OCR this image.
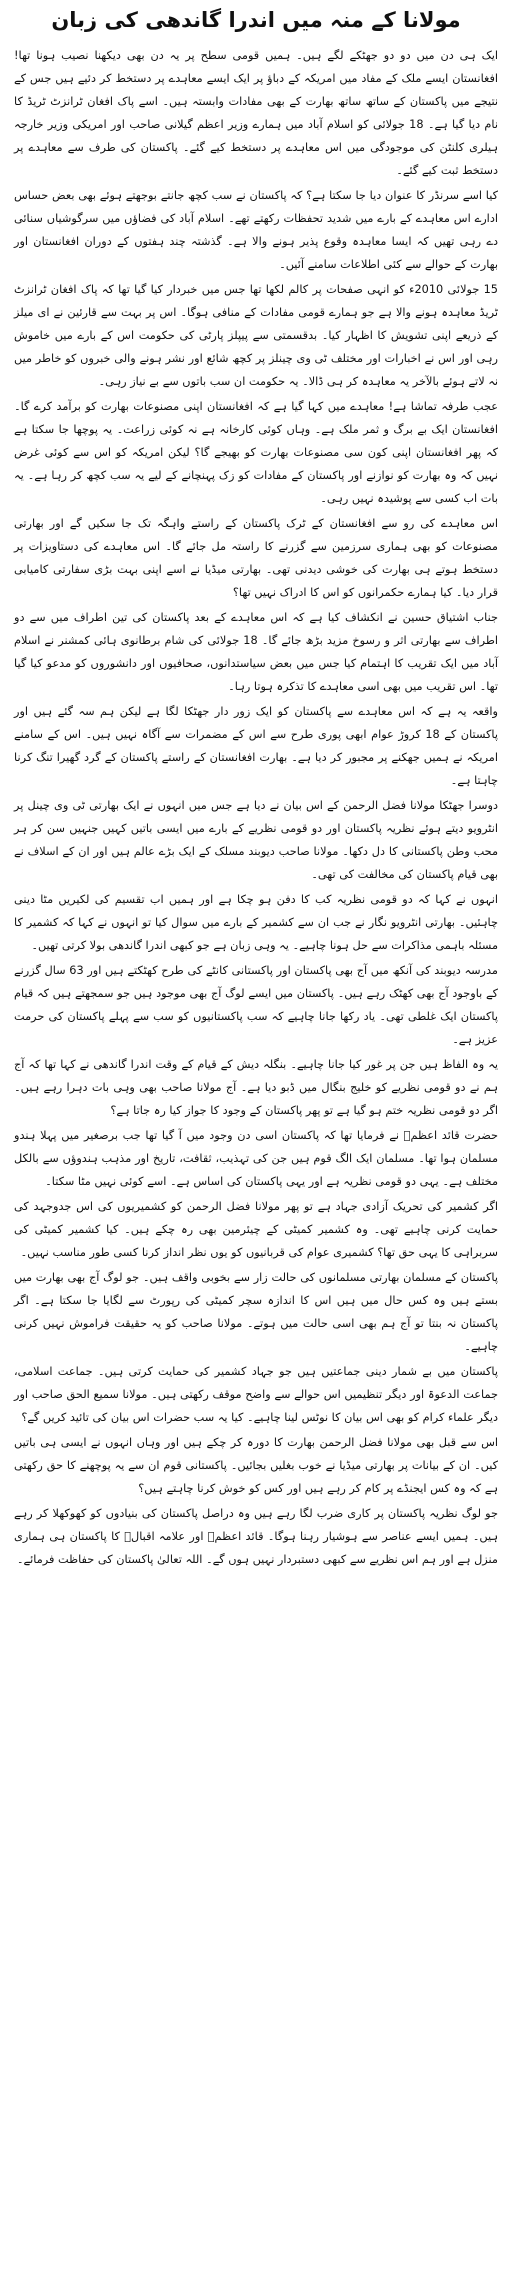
مولانا کے منہ میں اندرا گاندھی کی زبان

ایک ہی دن میں دو دو جھٹکے لگے ہیں۔ ہمیں قومی سطح پر یہ دن بھی دیکھنا نصیب ہونا تھا! افغانستان ایسے ملک کے مفاد میں امریکہ کے دباؤ پر ایک ایسے معاہدے پر دستخط کر دئیے ہیں جس کے نتیجے میں پاکستان کے ساتھ ساتھ بھارت کے بھی مفادات وابستہ ہیں۔ اسے پاک افغان ٹرانزٹ ٹریڈ کا نام دیا گیا ہے۔ 18 جولائی کو اسلام آباد میں ہمارے وزیر اعظم گیلانی صاحب اور امریکی وزیر خارجہ ہیلری کلنٹن کی موجودگی میں اس معاہدے پر دستخط کیے گئے۔ پاکستان کی طرف سے معاہدے پر دستخط ثبت کیے گئے۔

کیا اسے سرنڈر کا عنوان دیا جا سکتا ہے؟ کہ پاکستان نے سب کچھ جانتے بوجھتے ہوئے بھی بعض حساس ادارے اس معاہدے کے بارے میں شدید تحفظات رکھتے تھے۔ اسلام آباد کی فضاؤں میں سرگوشیاں سنائی دے رہی تھیں کہ ایسا معاہدہ وقوع پذیر ہونے والا ہے۔ گذشتہ چند ہفتوں کے دوران افغانستان اور بھارت کے حوالے سے کئی اطلاعات سامنے آئیں۔

15 جولائی 2010ء کو انہی صفحات پر کالم لکھا تھا جس میں خبردار کیا گیا تھا کہ پاک افغان ٹرانزٹ ٹریڈ معاہدہ ہونے والا ہے جو ہمارے قومی مفادات کے منافی ہوگا۔ اس پر بہت سے قارئین نے ای میلز کے ذریعے اپنی تشویش کا اظہار کیا۔ بدقسمتی سے پیپلز پارٹی کی حکومت اس کے بارے میں خاموش رہی اور اس نے اخبارات اور مختلف ٹی وی چینلز پر کچھ شائع اور نشر ہونے والی خبروں کو خاطر میں نہ لاتے ہوئے بالآخر یہ معاہدہ کر ہی ڈالا۔ یہ حکومت ان سب باتوں سے بے نیاز رہی۔

عجب طرفہ تماشا ہے! معاہدے میں کہا گیا ہے کہ افغانستان اپنی مصنوعات بھارت کو برآمد کرے گا۔ افغانستان ایک بے برگ و ثمر ملک ہے۔ وہاں کوئی کارخانہ ہے نہ کوئی زراعت۔ یہ پوچھا جا سکتا ہے کہ پھر افغانستان اپنی کون سی مصنوعات بھارت کو بھیجے گا؟ لیکن امریکہ کو اس سے کوئی غرض نہیں کہ وہ بھارت کو نوازنے اور پاکستان کے مفادات کو زک پہنچانے کے لیے یہ سب کچھ کر رہا ہے۔ یہ بات اب کسی سے پوشیدہ نہیں رہی۔

اس معاہدے کی رو سے افغانستان کے ٹرک پاکستان کے راستے واہگہ تک جا سکیں گے اور بھارتی مصنوعات کو بھی ہماری سرزمین سے گزرنے کا راستہ مل جائے گا۔ اس معاہدے کی دستاویزات پر دستخط ہوتے ہی بھارت کی خوشی دیدنی تھی۔ بھارتی میڈیا نے اسے اپنی بہت بڑی سفارتی کامیابی قرار دیا۔ کیا ہمارے حکمرانوں کو اس کا ادراک نہیں تھا؟

جناب اشتیاق حسین نے انکشاف کیا ہے کہ اس معاہدے کے بعد پاکستان کی تین اطراف میں سے دو اطراف سے بھارتی اثر و رسوخ مزید بڑھ جائے گا۔ 18 جولائی کی شام برطانوی ہائی کمشنر نے اسلام آباد میں ایک تقریب کا اہتمام کیا جس میں بعض سیاستدانوں، صحافیوں اور دانشوروں کو مدعو کیا گیا تھا۔ اس تقریب میں بھی اسی معاہدے کا تذکرہ ہوتا رہا۔

واقعہ یہ ہے کہ اس معاہدے سے پاکستان کو ایک زور دار جھٹکا لگا ہے لیکن ہم سہ گئے ہیں اور پاکستان کے 18 کروڑ عوام ابھی پوری طرح سے اس کے مضمرات سے آگاہ نہیں ہیں۔ اس کے سامنے امریکہ نے ہمیں جھکنے پر مجبور کر دیا ہے۔ بھارت افغانستان کے راستے پاکستان کے گرد گھیرا تنگ کرنا چاہتا ہے۔

دوسرا جھٹکا مولانا فضل الرحمن کے اس بیان نے دیا ہے جس میں انہوں نے ایک بھارتی ٹی وی چینل پر انٹرویو دیتے ہوئے نظریہ پاکستان اور دو قومی نظریے کے بارے میں ایسی باتیں کہیں جنہیں سن کر ہر محب وطن پاکستانی کا دل دکھا۔ مولانا صاحب دیوبند مسلک کے ایک بڑے عالم ہیں اور ان کے اسلاف نے بھی قیام پاکستان کی مخالفت کی تھی۔

انہوں نے کہا کہ دو قومی نظریہ کب کا دفن ہو چکا ہے اور ہمیں اب تقسیم کی لکیریں مٹا دینی چاہئیں۔ بھارتی انٹرویو نگار نے جب ان سے کشمیر کے بارے میں سوال کیا تو انہوں نے کہا کہ کشمیر کا مسئلہ باہمی مذاکرات سے حل ہونا چاہیے۔ یہ وہی زبان ہے جو کبھی اندرا گاندھی بولا کرتی تھیں۔

مدرسہ دیوبند کی آنکھ میں آج بھی پاکستان اور پاکستانی کانٹے کی طرح کھٹکتے ہیں اور 63 سال گزرنے کے باوجود آج بھی کھٹک رہے ہیں۔ پاکستان میں ایسے لوگ آج بھی موجود ہیں جو سمجھتے ہیں کہ قیام پاکستان ایک غلطی تھی۔ یاد رکھا جانا چاہیے کہ سب پاکستانیوں کو سب سے پہلے پاکستان کی حرمت عزیز ہے۔

یہ وہ الفاظ ہیں جن پر غور کیا جانا چاہیے۔ بنگلہ دیش کے قیام کے وقت اندرا گاندھی نے کہا تھا کہ آج ہم نے دو قومی نظریے کو خلیج بنگال میں ڈبو دیا ہے۔ آج مولانا صاحب بھی وہی بات دہرا رہے ہیں۔ اگر دو قومی نظریہ ختم ہو گیا ہے تو پھر پاکستان کے وجود کا جواز کیا رہ جاتا ہے؟

حضرت قائد اعظمؒ نے فرمایا تھا کہ پاکستان اسی دن وجود میں آ گیا تھا جب برصغیر میں پہلا ہندو مسلمان ہوا تھا۔ مسلمان ایک الگ قوم ہیں جن کی تہذیب، ثقافت، تاریخ اور مذہب ہندوؤں سے بالکل مختلف ہے۔ یہی دو قومی نظریہ ہے اور یہی پاکستان کی اساس ہے۔ اسے کوئی نہیں مٹا سکتا۔

اگر کشمیر کی تحریک آزادی جہاد ہے تو پھر مولانا فضل الرحمن کو کشمیریوں کی اس جدوجہد کی حمایت کرنی چاہیے تھی۔ وہ کشمیر کمیٹی کے چیئرمین بھی رہ چکے ہیں۔ کیا کشمیر کمیٹی کی سربراہی کا یہی حق تھا؟ کشمیری عوام کی قربانیوں کو یوں نظر انداز کرنا کسی طور مناسب نہیں۔

پاکستان کے مسلمان بھارتی مسلمانوں کی حالت زار سے بخوبی واقف ہیں۔ جو لوگ آج بھی بھارت میں بستے ہیں وہ کس حال میں ہیں اس کا اندازہ سچر کمیٹی کی رپورٹ سے لگایا جا سکتا ہے۔ اگر پاکستان نہ بنتا تو آج ہم بھی اسی حالت میں ہوتے۔ مولانا صاحب کو یہ حقیقت فراموش نہیں کرنی چاہیے۔

پاکستان میں بے شمار دینی جماعتیں ہیں جو جہاد کشمیر کی حمایت کرتی ہیں۔ جماعت اسلامی، جماعت الدعوۃ اور دیگر تنظیمیں اس حوالے سے واضح موقف رکھتی ہیں۔ مولانا سمیع الحق صاحب اور دیگر علماء کرام کو بھی اس بیان کا نوٹس لینا چاہیے۔ کیا یہ سب حضرات اس بیان کی تائید کریں گے؟

اس سے قبل بھی مولانا فضل الرحمن بھارت کا دورہ کر چکے ہیں اور وہاں انہوں نے ایسی ہی باتیں کیں۔ ان کے بیانات پر بھارتی میڈیا نے خوب بغلیں بجائیں۔ پاکستانی قوم ان سے یہ پوچھنے کا حق رکھتی ہے کہ وہ کس ایجنڈے پر کام کر رہے ہیں اور کس کو خوش کرنا چاہتے ہیں؟

جو لوگ نظریہ پاکستان پر کاری ضرب لگا رہے ہیں وہ دراصل پاکستان کی بنیادوں کو کھوکھلا کر رہے ہیں۔ ہمیں ایسے عناصر سے ہوشیار رہنا ہوگا۔ قائد اعظمؒ اور علامہ اقبالؒ کا پاکستان ہی ہماری منزل ہے اور ہم اس نظریے سے کبھی دستبردار نہیں ہوں گے۔ اللہ تعالیٰ پاکستان کی حفاظت فرمائے۔
